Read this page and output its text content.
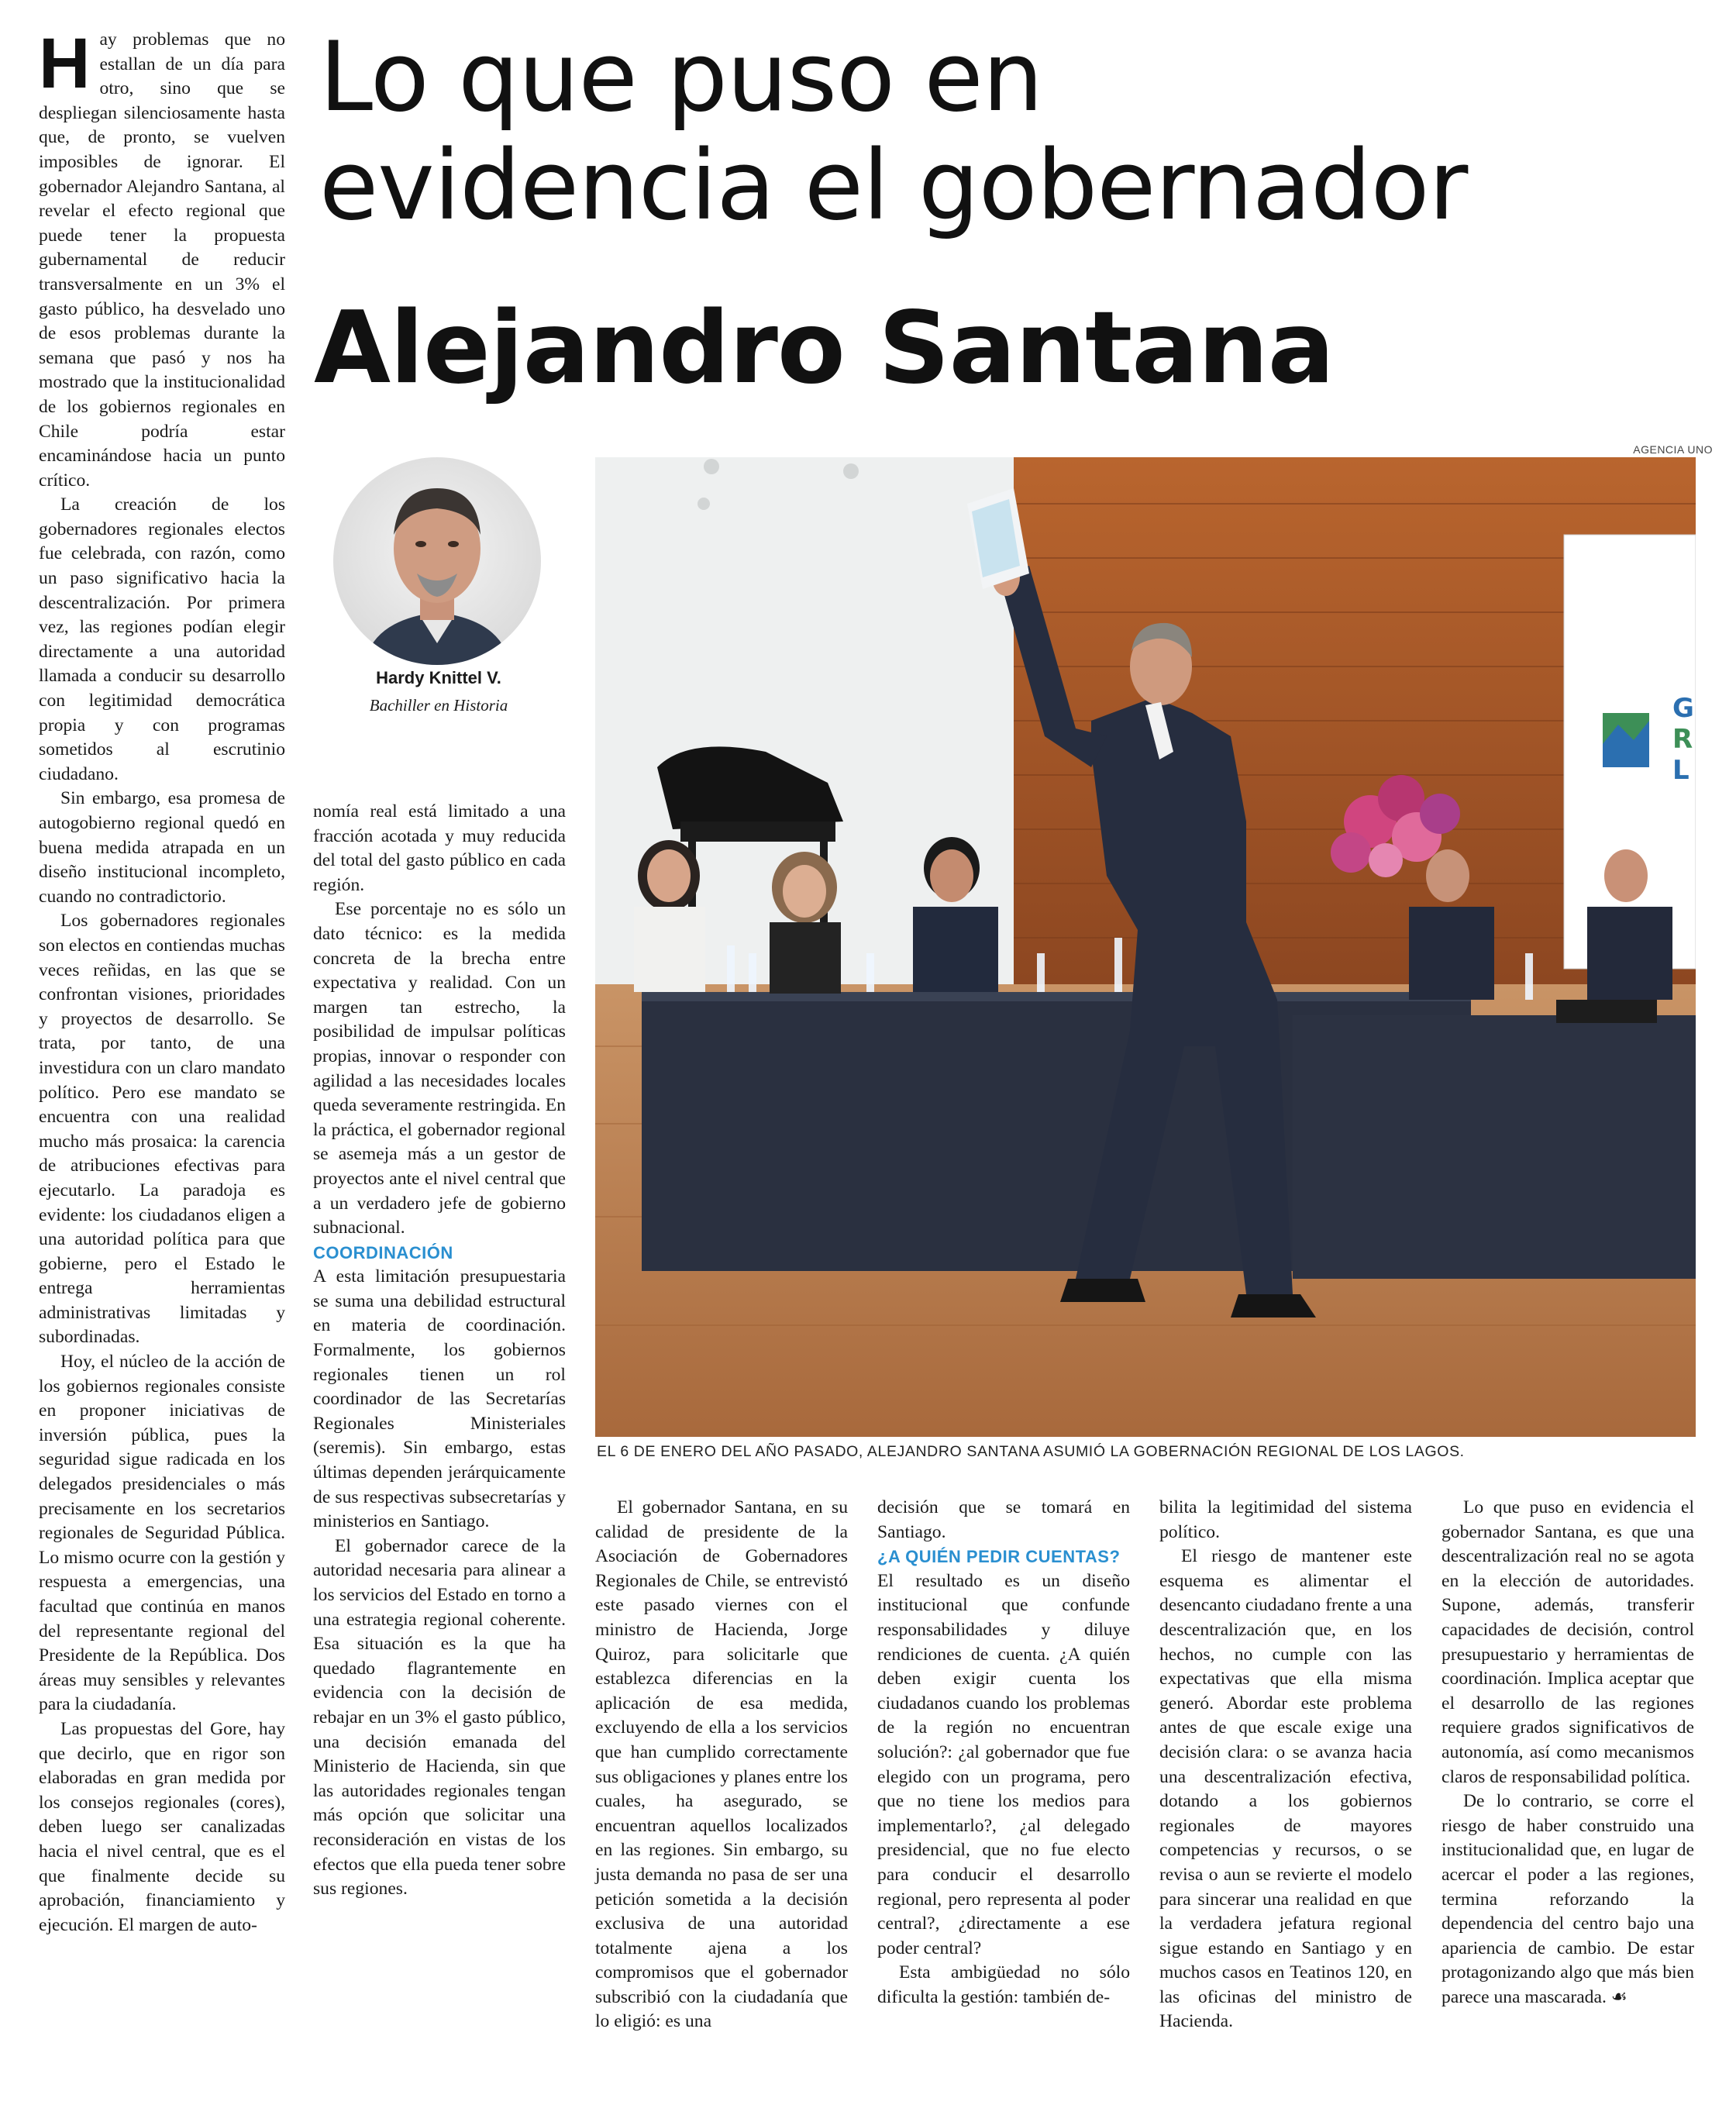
Lo que puso en
evidencia el gobernador
Alejandro Santana

Hay problemas que no estallan de un día para otro, sino que se despliegan silenciosamente hasta que, de pronto, se vuelven imposibles de ignorar. El gobernador Alejandro Santana, al revelar el efecto regional que puede tener la propuesta gubernamental de reducir transversalmente en un 3% el gasto público, ha desvelado uno de esos problemas durante la semana que pasó y nos ha mostrado que la institucionalidad de los gobiernos regionales en Chile podría estar encaminándose hacia un punto crítico.

La creación de los gobernadores regionales electos fue celebrada, con razón, como un paso significativo hacia la descentralización. Por primera vez, las regiones podían elegir directamente a una autoridad llamada a conducir su desarrollo con legitimidad democrática propia y con programas sometidos al escrutinio ciudadano.

Sin embargo, esa promesa de autogobierno regional quedó en buena medida atrapada en un diseño institucional incompleto, cuando no contradictorio.

Los gobernadores regionales son electos en contiendas muchas veces reñidas, en las que se confrontan visiones, prioridades y proyectos de desarrollo. Se trata, por tanto, de una investidura con un claro mandato político. Pero ese mandato se encuentra con una realidad mucho más prosaica: la carencia de atribuciones efectivas para ejecutarlo. La paradoja es evidente: los ciudadanos eligen a una autoridad política para que gobierne, pero el Estado le entrega herramientas administrativas limitadas y subordinadas.

Hoy, el núcleo de la acción de los gobiernos regionales consiste en proponer iniciativas de inversión pública, pues la seguridad sigue radicada en los delegados presidenciales o más precisamente en los secretarios regionales de Seguridad Pública. Lo mismo ocurre con la gestión y respuesta a emergencias, una facultad que continúa en manos del representante regional del Presidente de la República. Dos áreas muy sensibles y relevantes para la ciudadanía.

Las propuestas del Gore, hay que decirlo, que en rigor son elaboradas en gran medida por los consejos regionales (cores), deben luego ser canalizadas hacia el nivel central, que es el que finalmente decide su aprobación, financiamiento y ejecución. El margen de auto-

Hardy Knittel V.
Bachiller en Historia
AGENCIA UNO
G
R
L
EL 6 DE ENERO DEL AÑO PASADO, ALEJANDRO SANTANA ASUMIÓ LA GOBERNACIÓN REGIONAL DE LOS LAGOS.

nomía real está limitado a una fracción acotada y muy reducida del total del gasto público en cada región.

Ese porcentaje no es sólo un dato técnico: es la medida concreta de la brecha entre expectativa y realidad. Con un margen tan estrecho, la posibilidad de impulsar políticas propias, innovar o responder con agilidad a las necesidades locales queda severamente restringida. En la práctica, el gobernador regional se asemeja más a un gestor de proyectos ante el nivel central que a un verdadero jefe de gobierno subnacional.

COORDINACIÓN

A esta limitación presupuestaria se suma una debilidad estructural en materia de coordinación. Formalmente, los gobiernos regionales tienen un rol coordinador de las Secretarías Regionales Ministeriales (seremis). Sin embargo, estas últimas dependen jerárquicamente de sus respectivas subsecretarías y ministerios en Santiago.

El gobernador carece de la autoridad necesaria para alinear a los servicios del Estado en torno a una estrategia regional coherente. Esa situación es la que ha quedado flagrantemente en evidencia con la decisión de rebajar en un 3% el gasto público, una decisión emanada del Ministerio de Hacienda, sin que las autoridades regionales tengan más opción que solicitar una reconsideración en vistas de los efectos que ella pueda tener sobre sus regiones.

El gobernador Santana, en su calidad de presidente de la Asociación de Gobernadores Regionales de Chile, se entrevistó este pasado viernes con el ministro de Hacienda, Jorge Quiroz, para solicitarle que establezca diferencias en la aplicación de esa medida, excluyendo de ella a los servicios que han cumplido correctamente sus obligaciones y planes entre los cuales, ha asegurado, se encuentran aquellos localizados en las regiones. Sin embargo, su justa demanda no pasa de ser una petición sometida a la decisión exclusiva de una autoridad totalmente ajena a los compromisos que el gobernador subscribió con la ciudadanía que lo eligió: es una

decisión que se tomará en Santiago.

¿A QUIÉN PEDIR CUENTAS?

El resultado es un diseño institucional que confunde responsabilidades y diluye rendiciones de cuenta. ¿A quién deben exigir cuenta los ciudadanos cuando los problemas de la región no encuentran solución?: ¿al gobernador que fue elegido con un programa, pero que no tiene los medios para implementarlo?, ¿al delegado presidencial, que no fue electo para conducir el desarrollo regional, pero representa al poder central?, ¿directamente a ese poder central?

Esta ambigüedad no sólo dificulta la gestión: también de-

bilita la legitimidad del sistema político.

El riesgo de mantener este esquema es alimentar el desencanto ciudadano frente a una descentralización que, en los hechos, no cumple con las expectativas que ella misma generó. Abordar este problema antes de que escale exige una decisión clara: o se avanza hacia una descentralización efectiva, dotando a los gobiernos regionales de mayores competencias y recursos, o se revisa o aun se revierte el modelo para sincerar una realidad en que la verdadera jefatura regional sigue estando en Santiago y en muchos casos en Teatinos 120, en las oficinas del ministro de Hacienda.

Lo que puso en evidencia el gobernador Santana, es que una descentralización real no se agota en la elección de autoridades. Supone, además, transferir capacidades de decisión, control presupuestario y herramientas de coordinación. Implica aceptar que el desarrollo de las regiones requiere grados significativos de autonomía, así como mecanismos claros de responsabilidad política.

De lo contrario, se corre el riesgo de haber construido una institucionalidad que, en lugar de acercar el poder a las regiones, termina reforzando la dependencia del centro bajo una apariencia de cambio. De estar protagonizando algo que más bien parece una mascarada. ☙
